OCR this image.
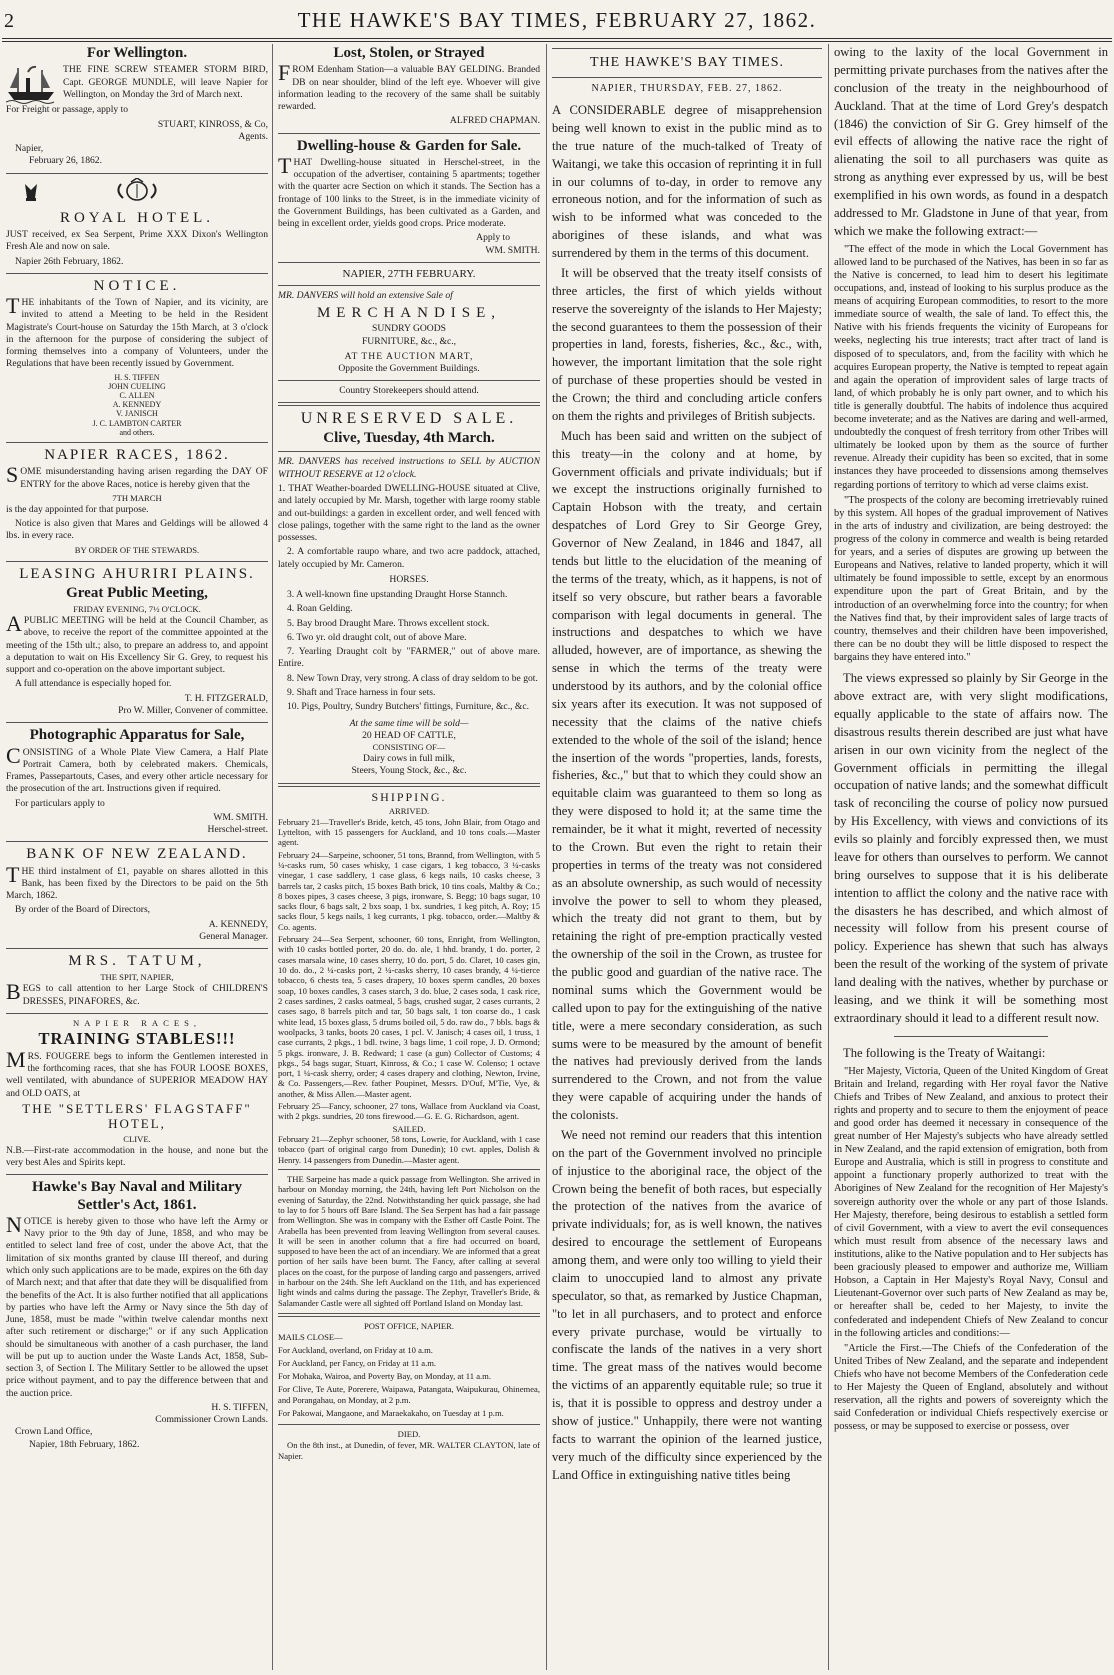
2	THE HAWKE'S BAY TIMES, FEBRUARY 27, 1862.
For Wellington.

THE FINE SCREW STEAMER STORM BIRD, Capt. GEORGE MUNDLE, will leave Napier for Wellington, on Monday the 3rd of March next.

For Freight or passage, apply to

STUART, KINROSS, & Co,

Agents.

Napier,

February 26, 1862.

ROYAL HOTEL.

JUST received, ex Sea Serpent, Prime XXX Dixon's Wellington Fresh Ale and now on sale.

Napier 26th February, 1862.

NOTICE.

THE inhabitants of the Town of Napier, and its vicinity, are invited to attend a Meeting to be held in the Resident Magistrate's Court-house on Saturday the 15th March, at 3 o'clock in the afternoon for the purpose of considering the subject of forming themselves into a company of Volunteers, under the Regulations that have been recently issued by Government.

H. S. TIFFEN
JOHN CUELING
C. ALLEN
A. KENNEDY
V. JANISCH
J. C. LAMBTON CARTER
and others.
NAPIER RACES, 1862.

SOME misunderstanding having arisen regarding the DAY OF ENTRY for the above Races, notice is hereby given that the

7TH MARCH

is the day appointed for that purpose.

Notice is also given that Mares and Geldings will be allowed 4 lbs. in every race.

BY ORDER OF THE STEWARDS.
LEASING AHURIRI PLAINS.
Great Public Meeting,
FRIDAY EVENING, 7½ O'CLOCK.

APUBLIC MEETING will be held at the Council Chamber, as above, to receive the report of the committee appointed at the meeting of the 15th ult.; also, to prepare an address to, and appoint a deputation to wait on His Excellency Sir G. Grey, to request his support and co-operation on the above important subject.

A full attendance is especially hoped for.

T. H. FITZGERALD,

Pro W. Miller, Convener of committee.

Photographic Apparatus for Sale,

CONSISTING of a Whole Plate View Camera, a Half Plate Portrait Camera, both by celebrated makers. Chemicals, Frames, Passepartouts, Cases, and every other article necessary for the prosecution of the art. Instructions given if required.

For particulars apply to

WM. SMITH.

Herschel-street.

BANK OF NEW ZEALAND.

THE third instalment of £1, payable on shares allotted in this Bank, has been fixed by the Directors to be paid on the 5th March, 1862.

By order of the Board of Directors,

A. KENNEDY,

General Manager.

MRS. TATUM,
THE SPIT, NAPIER,

BEGS to call attention to her Large Stock of CHILDREN'S DRESSES, PINAFORES, &c.

NAPIER RACES,
TRAINING STABLES!!!

MRS. FOUGERE begs to inform the Gentlemen interested in the forthcoming races, that she has FOUR LOOSE BOXES, well ventilated, with abundance of SUPERIOR MEADOW HAY and OLD OATS, at

THE "SETTLERS' FLAGSTAFF" HOTEL,
CLIVE.

N.B.—First-rate accommodation in the house, and none but the very best Ales and Spirits kept.

Hawke's Bay Naval and Military Settler's Act, 1861.

NOTICE is hereby given to those who have left the Army or Navy prior to the 9th day of June, 1858, and who may be entitled to select land free of cost, under the above Act, that the limitation of six months granted by clause III thereof, and during which only such applications are to be made, expires on the 6th day of March next; and that after that date they will be disqualified from the benefits of the Act. It is also further notified that all applications by parties who have left the Army or Navy since the 5th day of June, 1858, must be made "within twelve calendar months next after such retirement or discharge;" or if any such Application should be simultaneous with another of a cash purchaser, the land will be put up to auction under the Waste Lands Act, 1858, Sub-section 3, of Section I. The Military Settler to be allowed the upset price without payment, and to pay the difference between that and the auction price.

H. S. TIFFEN,

Commissioner Crown Lands.

Crown Land Office,

Napier, 18th February, 1862.

Lost, Stolen, or Strayed

FROM Edenham Station—a valuable BAY GELDING. Branded DB on near shoulder, blind of the left eye. Whoever will give information leading to the recovery of the same shall be suitably rewarded.

ALFRED CHAPMAN.

Dwelling-house & Garden for Sale.

THAT Dwelling-house situated in Herschel-street, in the occupation of the advertiser, containing 5 apartments; together with the quarter acre Section on which it stands. The Section has a frontage of 100 links to the Street, is in the immediate vicinity of the Government Buildings, has been cultivated as a Garden, and being in excellent order, yields good crops. Price moderate.

Apply to

WM. SMITH.

NAPIER, 27TH FEBRUARY.

MR. DANVERS will hold an extensive Sale of

MERCHANDISE,
SUNDRY GOODS
FURNITURE, &c., &c.,
AT THE AUCTION MART,
Opposite the Government Buildings.
Country Storekeepers should attend.
UNRESERVED SALE.
Clive, Tuesday, 4th March.

MR. DANVERS has received instructions to SELL by AUCTION WITHOUT RESERVE at 12 o'clock.

1. THAT Weather-boarded DWELLING-HOUSE situated at Clive, and lately occupied by Mr. Marsh, together with large roomy stable and out-buildings: a garden in excellent order, and well fenced with close palings, together with the same right to the land as the owner possesses.

2. A comfortable raupo whare, and two acre paddock, attached, lately occupied by Mr. Cameron.

HORSES.

3. A well-known fine upstanding Draught Horse Stannch.

4. Roan Gelding.

5. Bay brood Draught Mare. Throws excellent stock.

6. Two yr. old draught colt, out of above Mare.

7. Yearling Draught colt by "FARMER," out of above mare. Entire.

8. New Town Dray, very strong. A class of dray seldom to be got.

9. Shaft and Trace harness in four sets.

10. Pigs, Poultry, Sundry Butchers' fittings, Furniture, &c., &c.

At the same time will be sold—
20 HEAD OF CATTLE,
CONSISTING OF—
Dairy cows in full milk,
Steers, Young Stock, &c., &c.
SHIPPING.
ARRIVED.

February 21—Traveller's Bride, ketch, 45 tons, John Blair, from Otago and Lyttelton, with 15 passengers for Auckland, and 10 tons coals.—Master agent.

February 24—Sarpeine, schooner, 51 tons, Brannd, from Wellington, with 5 ¼-casks rum, 50 cases whisky, 1 case cigars, 1 keg tobacco, 3 ¼-casks vinegar, 1 case saddlery, 1 case glass, 6 kegs nails, 10 casks cheese, 3 barrels tar, 2 casks pitch, 15 boxes Bath brick, 10 tins coals, Maltby & Co.; 8 boxes pipes, 3 cases cheese, 3 pigs, ironware, S. Begg; 10 bags sugar, 10 sacks flour, 6 bags salt, 2 bxs soap, 1 bx. sundries, 1 keg pitch, A. Roy; 15 sacks flour, 5 kegs nails, 1 keg currants, 1 pkg. tobacco, order.—Maltby & Co. agents.

February 24—Sea Serpent, schooner, 60 tons, Enright, from Wellington, with 10 casks bottled porter, 20 do. do. ale, 1 hhd. brandy, 1 do. porter, 2 cases marsala wine, 10 cases sherry, 10 do. port, 5 do. Claret, 10 cases gin, 10 do. do., 2 ¼-casks port, 2 ¼-casks sherry, 10 cases brandy, 4 ¼-tierce tobacco, 6 chests tea, 5 cases drapery, 10 boxes sperm candles, 20 boxes soap, 10 boxes candles, 3 cases starch, 3 do. blue, 2 cases soda, 1 cask rice, 2 cases sardines, 2 casks oatmeal, 5 bags, crushed sugar, 2 cases currants, 2 cases sago, 8 barrels pitch and tar, 50 bags salt, 1 ton coarse do., 1 cask white lead, 15 boxes glass, 5 drums boiled oil, 5 do. raw do., 7 bbls. bags & woolpacks, 3 tanks, boots 20 cases, 1 pcl. V. Janisch; 4 cases oil, 1 truss, 1 case currants, 2 pkgs., 1 bdl. twine, 3 bags lime, 1 coil rope, J. D. Ormond; 5 pkgs. ironware, J. B. Redward; 1 case (a gun) Collector of Customs; 4 pkgs., 54 bags sugar, Stuart, Kinross, & Co.; 1 case W. Colenso; 1 octave port, 1 ¼-cask sherry, order; 4 cases drapery and clothing, Newton, Irvine, & Co. Passengers,—Rev. father Poupinet, Messrs. D'Ouf, M'Tie, Vye, & another, & Miss Allen.—Master agent.

February 25—Fancy, schooner, 27 tons, Wallace from Auckland via Coast, with 2 pkgs. sundries, 20 tons firewood.—G. E. G. Richardson, agent.

SAILED.

February 21—Zephyr schooner, 58 tons, Lowrie, for Auckland, with 1 case tobacco (part of original cargo from Dunedin); 10 cwt. apples, Dolish & Henry. 14 passengers from Dunedin.—Master agent.

THE Sarpeine has made a quick passage from Wellington. She arrived in harbour on Monday morning, the 24th, having left Port Nicholson on the evening of Saturday, the 22nd. Notwithstanding her quick passage, she had to lay to for 5 hours off Bare Island. The Sea Serpent has had a fair passage from Wellington. She was in company with the Esther off Castle Point. The Arabella has been prevented from leaving Wellington from several causes. It will be seen in another column that a fire had occurred on board, supposed to have been the act of an incendiary. We are informed that a great portion of her sails have been burnt. The Fancy, after calling at several places on the coast, for the purpose of landing cargo and passengers, arrived in harbour on the 24th. She left Auckland on the 11th, and has experienced light winds and calms during the passage. The Zephyr, Traveller's Bride, & Salamander Castle were all sighted off Portland Island on Monday last.

POST OFFICE, NAPIER.

MAILS CLOSE—

For Auckland, overland, on Friday at 10 a.m.

For Auckland, per Fancy, on Friday at 11 a.m.

For Mohaka, Wairoa, and Poverty Bay, on Monday, at 11 a.m.

For Clive, Te Aute, Porerere, Waipawa, Patangata, Waipukurau, Ohinemea, and Porangahau, on Monday, at 2 p.m.

For Pakowai, Mangaone, and Maraekakaho, on Tuesday at 1 p.m.

DIED.

On the 8th inst., at Dunedin, of fever, MR. WALTER CLAYTON, late of Napier.

THE HAWKE'S BAY TIMES.
NAPIER, THURSDAY, FEB. 27, 1862.

A CONSIDERABLE degree of misapprehension being well known to exist in the public mind as to the true nature of the much-talked of Treaty of Waitangi, we take this occasion of reprinting it in full in our columns of to-day, in order to remove any erroneous notion, and for the information of such as wish to be informed what was conceded to the aborigines of these islands, and what was surrendered by them in the terms of this document.

It will be observed that the treaty itself consists of three articles, the first of which yields without reserve the sovereignty of the islands to Her Majesty; the second guarantees to them the possession of their properties in land, forests, fisheries, &c., &c., with, however, the important limitation that the sole right of purchase of these properties should be vested in the Crown; the third and concluding article confers on them the rights and privileges of British subjects.

Much has been said and written on the subject of this treaty—in the colony and at home, by Government officials and private individuals; but if we except the instructions originally furnished to Captain Hobson with the treaty, and certain despatches of Lord Grey to Sir George Grey, Governor of New Zealand, in 1846 and 1847, all tends but little to the elucidation of the meaning of the terms of the treaty, which, as it happens, is not of itself so very obscure, but rather bears a favorable comparison with legal documents in general. The instructions and despatches to which we have alluded, however, are of importance, as shewing the sense in which the terms of the treaty were understood by its authors, and by the colonial office six years after its execution. It was not supposed of necessity that the claims of the native chiefs extended to the whole of the soil of the island; hence the insertion of the words "properties, lands, forests, fisheries, &c.," but that to which they could show an equitable claim was guaranteed to them so long as they were disposed to hold it; at the same time the remainder, be it what it might, reverted of necessity to the Crown. But even the right to retain their properties in terms of the treaty was not considered as an absolute ownership, as such would of necessity involve the power to sell to whom they pleased, which the treaty did not grant to them, but by retaining the right of pre-emption practically vested the ownership of the soil in the Crown, as trustee for the public good and guardian of the native race. The nominal sums which the Government would be called upon to pay for the extinguishing of the native title, were a mere secondary consideration, as such sums were to be measured by the amount of benefit the natives had previously derived from the lands surrendered to the Crown, and not from the value they were capable of acquiring under the hands of the colonists.

We need not remind our readers that this intention on the part of the Government involved no principle of injustice to the aboriginal race, the object of the Crown being the benefit of both races, but especially the protection of the natives from the avarice of private individuals; for, as is well known, the natives desired to encourage the settlement of Europeans among them, and were only too willing to yield their claim to unoccupied land to almost any private speculator, so that, as remarked by Justice Chapman, "to let in all purchasers, and to protect and enforce every private purchase, would be virtually to confiscate the lands of the natives in a very short time. The great mass of the natives would become the victims of an apparently equitable rule; so true it is, that it is possible to oppress and destroy under a show of justice." Unhappily, there were not wanting facts to warrant the opinion of the learned justice, very much of the difficulty since experienced by the Land Office in extinguishing native titles being

owing to the laxity of the local Government in permitting private purchases from the natives after the conclusion of the treaty in the neighbourhood of Auckland. That at the time of Lord Grey's despatch (1846) the conviction of Sir G. Grey himself of the evil effects of allowing the native race the right of alienating the soil to all purchasers was quite as strong as anything ever expressed by us, will be best exemplified in his own words, as found in a despatch addressed to Mr. Gladstone in June of that year, from which we make the following extract:—

"The effect of the mode in which the Local Government has allowed land to be purchased of the Natives, has been in so far as the Native is concerned, to lead him to desert his legitimate occupations, and, instead of looking to his surplus produce as the means of acquiring European commodities, to resort to the more immediate source of wealth, the sale of land. To effect this, the Native with his friends frequents the vicinity of Europeans for weeks, neglecting his true interests; tract after tract of land is disposed of to speculators, and, from the facility with which he acquires European property, the Native is tempted to repeat again and again the operation of improvident sales of large tracts of land, of which probably he is only part owner, and to which his title is generally doubtful. The habits of indolence thus acquired become inveterate; and as the Natives are daring and well-armed, undoubtedly the conquest of fresh territory from other Tribes will ultimately be looked upon by them as the source of further revenue. Already their cupidity has been so excited, that in some instances they have proceeded to dissensions among themselves regarding portions of territory to which ad verse claims exist.

"The prospects of the colony are becoming irretrievably ruined by this system. All hopes of the gradual improvement of Natives in the arts of industry and civilization, are being destroyed: the progress of the colony in commerce and wealth is being retarded for years, and a series of disputes are growing up between the Europeans and Natives, relative to landed property, which it will ultimately be found impossible to settle, except by an enormous expenditure upon the part of Great Britain, and by the introduction of an overwhelming force into the country; for when the Natives find that, by their improvident sales of large tracts of country, themselves and their children have been impoverished, there can be no doubt they will be little disposed to respect the bargains they have entered into."

The views expressed so plainly by Sir George in the above extract are, with very slight modifications, equally applicable to the state of affairs now. The disastrous results therein described are just what have arisen in our own vicinity from the neglect of the Government officials in permitting the illegal occupation of native lands; and the somewhat difficult task of reconciling the course of policy now pursued by His Excellency, with views and convictions of its evils so plainly and forcibly expressed then, we must leave for others than ourselves to perform. We cannot bring ourselves to suppose that it is his deliberate intention to afflict the colony and the native race with the disasters he has described, and which almost of necessity will follow from his present course of policy. Experience has shewn that such has always been the result of the working of the system of private land dealing with the natives, whether by purchase or leasing, and we think it will be something most extraordinary should it lead to a different result now.

The following is the Treaty of Waitangi:

"Her Majesty, Victoria, Queen of the United Kingdom of Great Britain and Ireland, regarding with Her royal favor the Native Chiefs and Tribes of New Zealand, and anxious to protect their rights and property and to secure to them the enjoyment of peace and good order has deemed it necessary in consequence of the great number of Her Majesty's subjects who have already settled in New Zealand, and the rapid extension of emigration, both from Europe and Australia, which is still in progress to constitute and appoint a functionary properly authorized to treat with the Aborigines of New Zealand for the recognition of Her Majesty's sovereign authority over the whole or any part of those Islands. Her Majesty, therefore, being desirous to establish a settled form of civil Government, with a view to avert the evil consequences which must result from absence of the necessary laws and institutions, alike to the Native population and to Her subjects has been graciously pleased to empower and authorize me, William Hobson, a Captain in Her Majesty's Royal Navy, Consul and Lieutenant-Governor over such parts of New Zealand as may be, or hereafter shall be, ceded to her Majesty, to invite the confederated and independent Chiefs of New Zealand to concur in the following articles and conditions:—

"Article the First.—The Chiefs of the Confederation of the United Tribes of New Zealand, and the separate and independent Chiefs who have not become Members of the Confederation cede to Her Majesty the Queen of England, absolutely and without reservation, all the rights and powers of sovereignty which the said Confederation or individual Chiefs respectively exercise or possess, or may be supposed to exercise or possess, over
